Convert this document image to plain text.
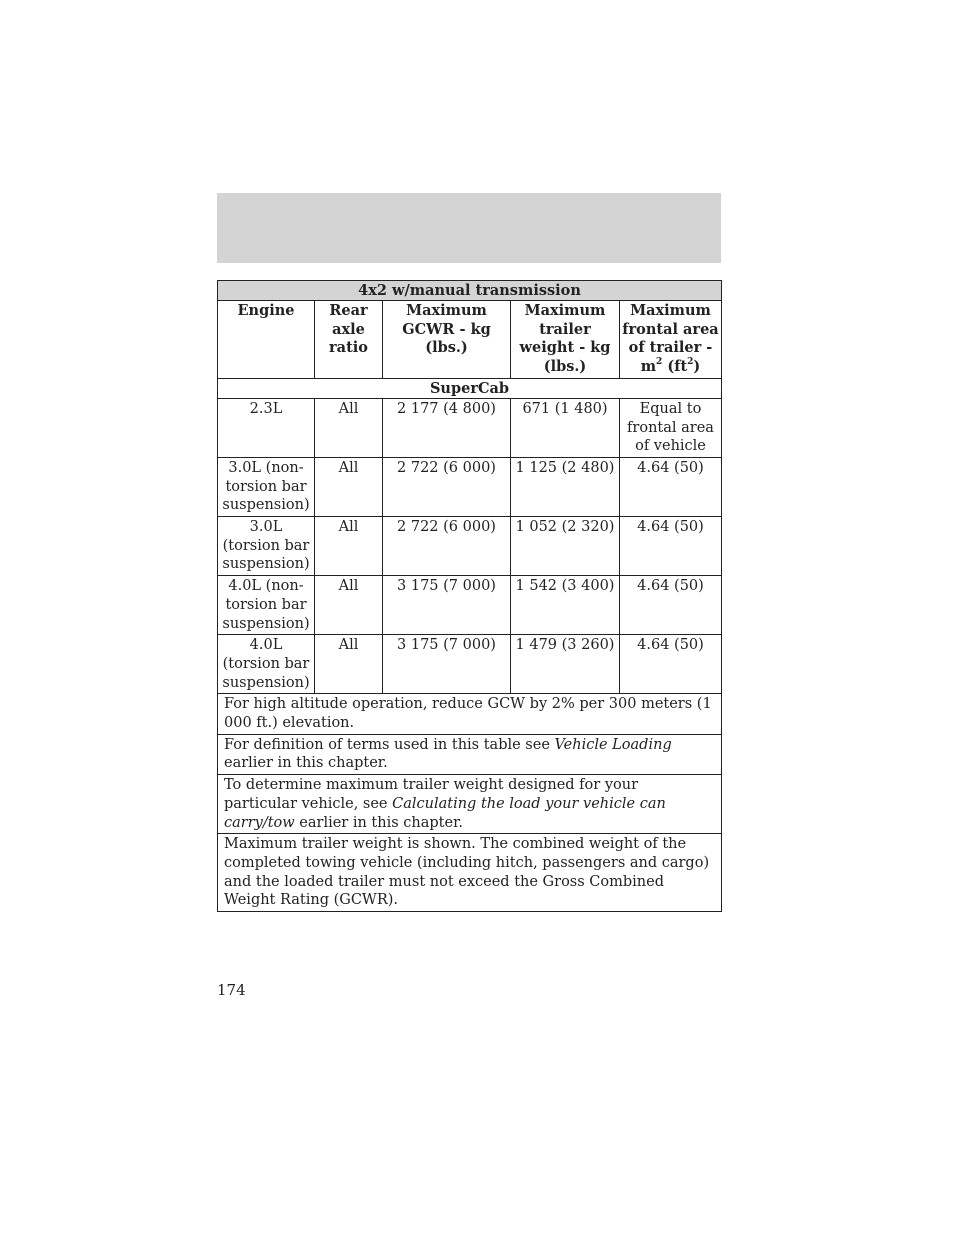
4x2 w/manual transmission				
Engine	Rear axle ratio	Maximum GCWR - kg (lbs.)	Maximum trailer weight - kg (lbs.)	Maximum frontal area of trailer - $m^2$ $(ft^2)$
SuperCab				
2.3L	All	2 177 (4 800)	671 (1 480)	Equal to frontal area of vehicle
3.0L (non-torsion bar suspension)	All	2 722 (6 000)	1 125 (2 480)	4.64 (50)
3.0L (torsion bar suspension)	All	2 722 (6 000)	1 052 (2 320)	4.64 (50)
4.0L (non-torsion bar suspension)	All	3 175 (7 000)	1 542 (3 400)	4.64 (50)
4.0L (torsion bar suspension)	All	3 175 (7 000)	1 479 (3 260)	4.64 (50)
For high altitude operation, reduce GCW by 2% per 300 meters (1 000 ft.) elevation.				
For definition of terms used in this table see Vehicle Loading earlier in this chapter.				
To determine maximum trailer weight designed for your particular vehicle, see Calculating the load your vehicle can carry/tow earlier in this chapter.				
Maximum trailer weight is shown. The combined weight of the completed towing vehicle (including hitch, passengers and cargo) and the loaded trailer must not exceed the Gross Combined Weight Rating (GCWR).				
174
